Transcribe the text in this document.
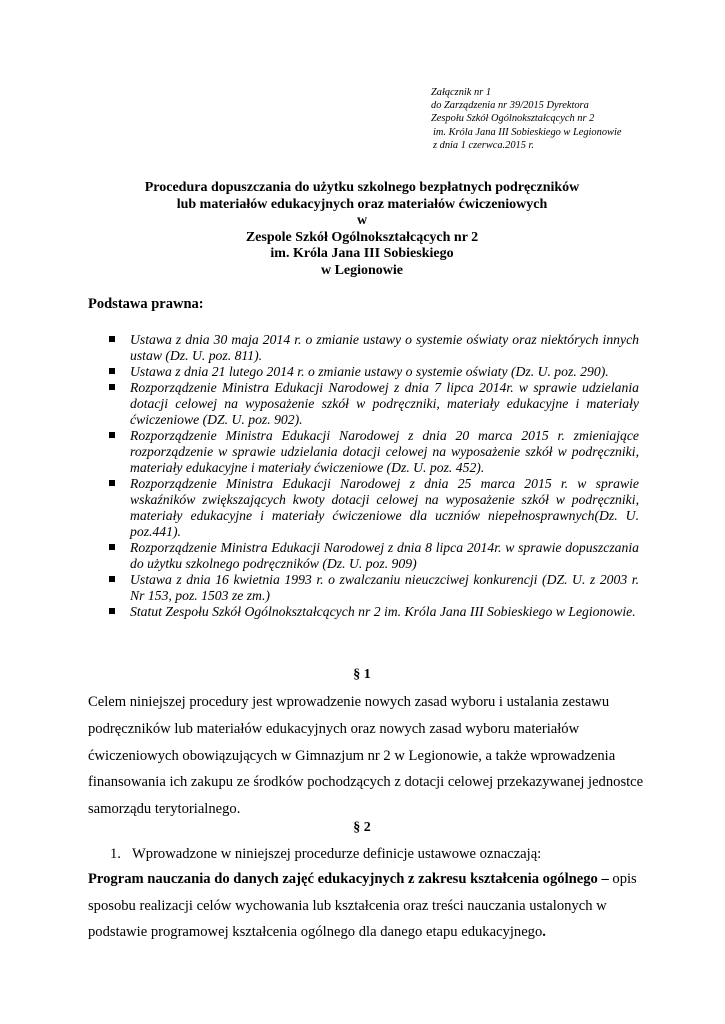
Załącznik nr 1
do Zarządzenia nr 39/2015 Dyrektora
Zespołu Szkół Ogólnokształcących nr 2
im. Króla Jana III Sobieskiego w Legionowie
z dnia 1 czerwca.2015 r.
Procedura dopuszczania do użytku szkolnego bezpłatnych podręczników
lub materiałów edukacyjnych oraz materiałów ćwiczeniowych
w
Zespole Szkół Ogólnokształcących nr 2
im. Króla Jana III Sobieskiego
w Legionowie
Podstawa prawna:
Ustawa z dnia 30 maja 2014 r. o zmianie ustawy o systemie oświaty oraz niektórych innych ustaw (Dz. U. poz. 811).
Ustawa z dnia 21 lutego 2014 r. o zmianie ustawy o systemie oświaty (Dz. U. poz. 290).
Rozporządzenie Ministra Edukacji Narodowej z dnia 7 lipca 2014r. w sprawie udzielania dotacji celowej na wyposażenie szkół w podręczniki, materiały edukacyjne i materiały ćwiczeniowe (DZ. U. poz. 902).
Rozporządzenie Ministra Edukacji Narodowej z dnia 20 marca 2015 r. zmieniające rozporządzenie w sprawie udzielania dotacji celowej na wyposażenie szkół w podręczniki, materiały edukacyjne i materiały ćwiczeniowe (Dz. U. poz. 452).
Rozporządzenie Ministra Edukacji Narodowej z dnia 25 marca 2015 r. w sprawie wskaźników zwiększających kwoty dotacji celowej na wyposażenie szkół w podręczniki, materiały edukacyjne i materiały ćwiczeniowe dla uczniów niepełnosprawnych(Dz. U. poz.441).
Rozporządzenie Ministra Edukacji Narodowej z dnia 8 lipca 2014r. w sprawie dopuszczania do użytku szkolnego podręczników (Dz. U. poz. 909)
Ustawa z dnia 16 kwietnia 1993 r. o zwalczaniu nieuczciwej konkurencji (DZ. U. z 2003 r. Nr 153, poz. 1503 ze zm.)
Statut Zespołu Szkół Ogólnokształcących nr 2 im. Króla Jana III Sobieskiego w Legionowie.
§ 1
Celem niniejszej procedury jest wprowadzenie nowych zasad wyboru i ustalania zestawu podręczników lub materiałów edukacyjnych oraz nowych zasad wyboru materiałów ćwiczeniowych obowiązujących w Gimnazjum nr 2 w Legionowie, a także wprowadzenia finansowania ich zakupu ze środków pochodzących z dotacji celowej przekazywanej jednostce samorządu terytorialnego.
§ 2
1. Wprowadzone w niniejszej procedurze definicje ustawowe oznaczają:
Program nauczania do danych zajęć edukacyjnych z zakresu kształcenia ogólnego – opis sposobu realizacji celów wychowania lub kształcenia oraz treści nauczania ustalonych w podstawie programowej kształcenia ogólnego dla danego etapu edukacyjnego.
